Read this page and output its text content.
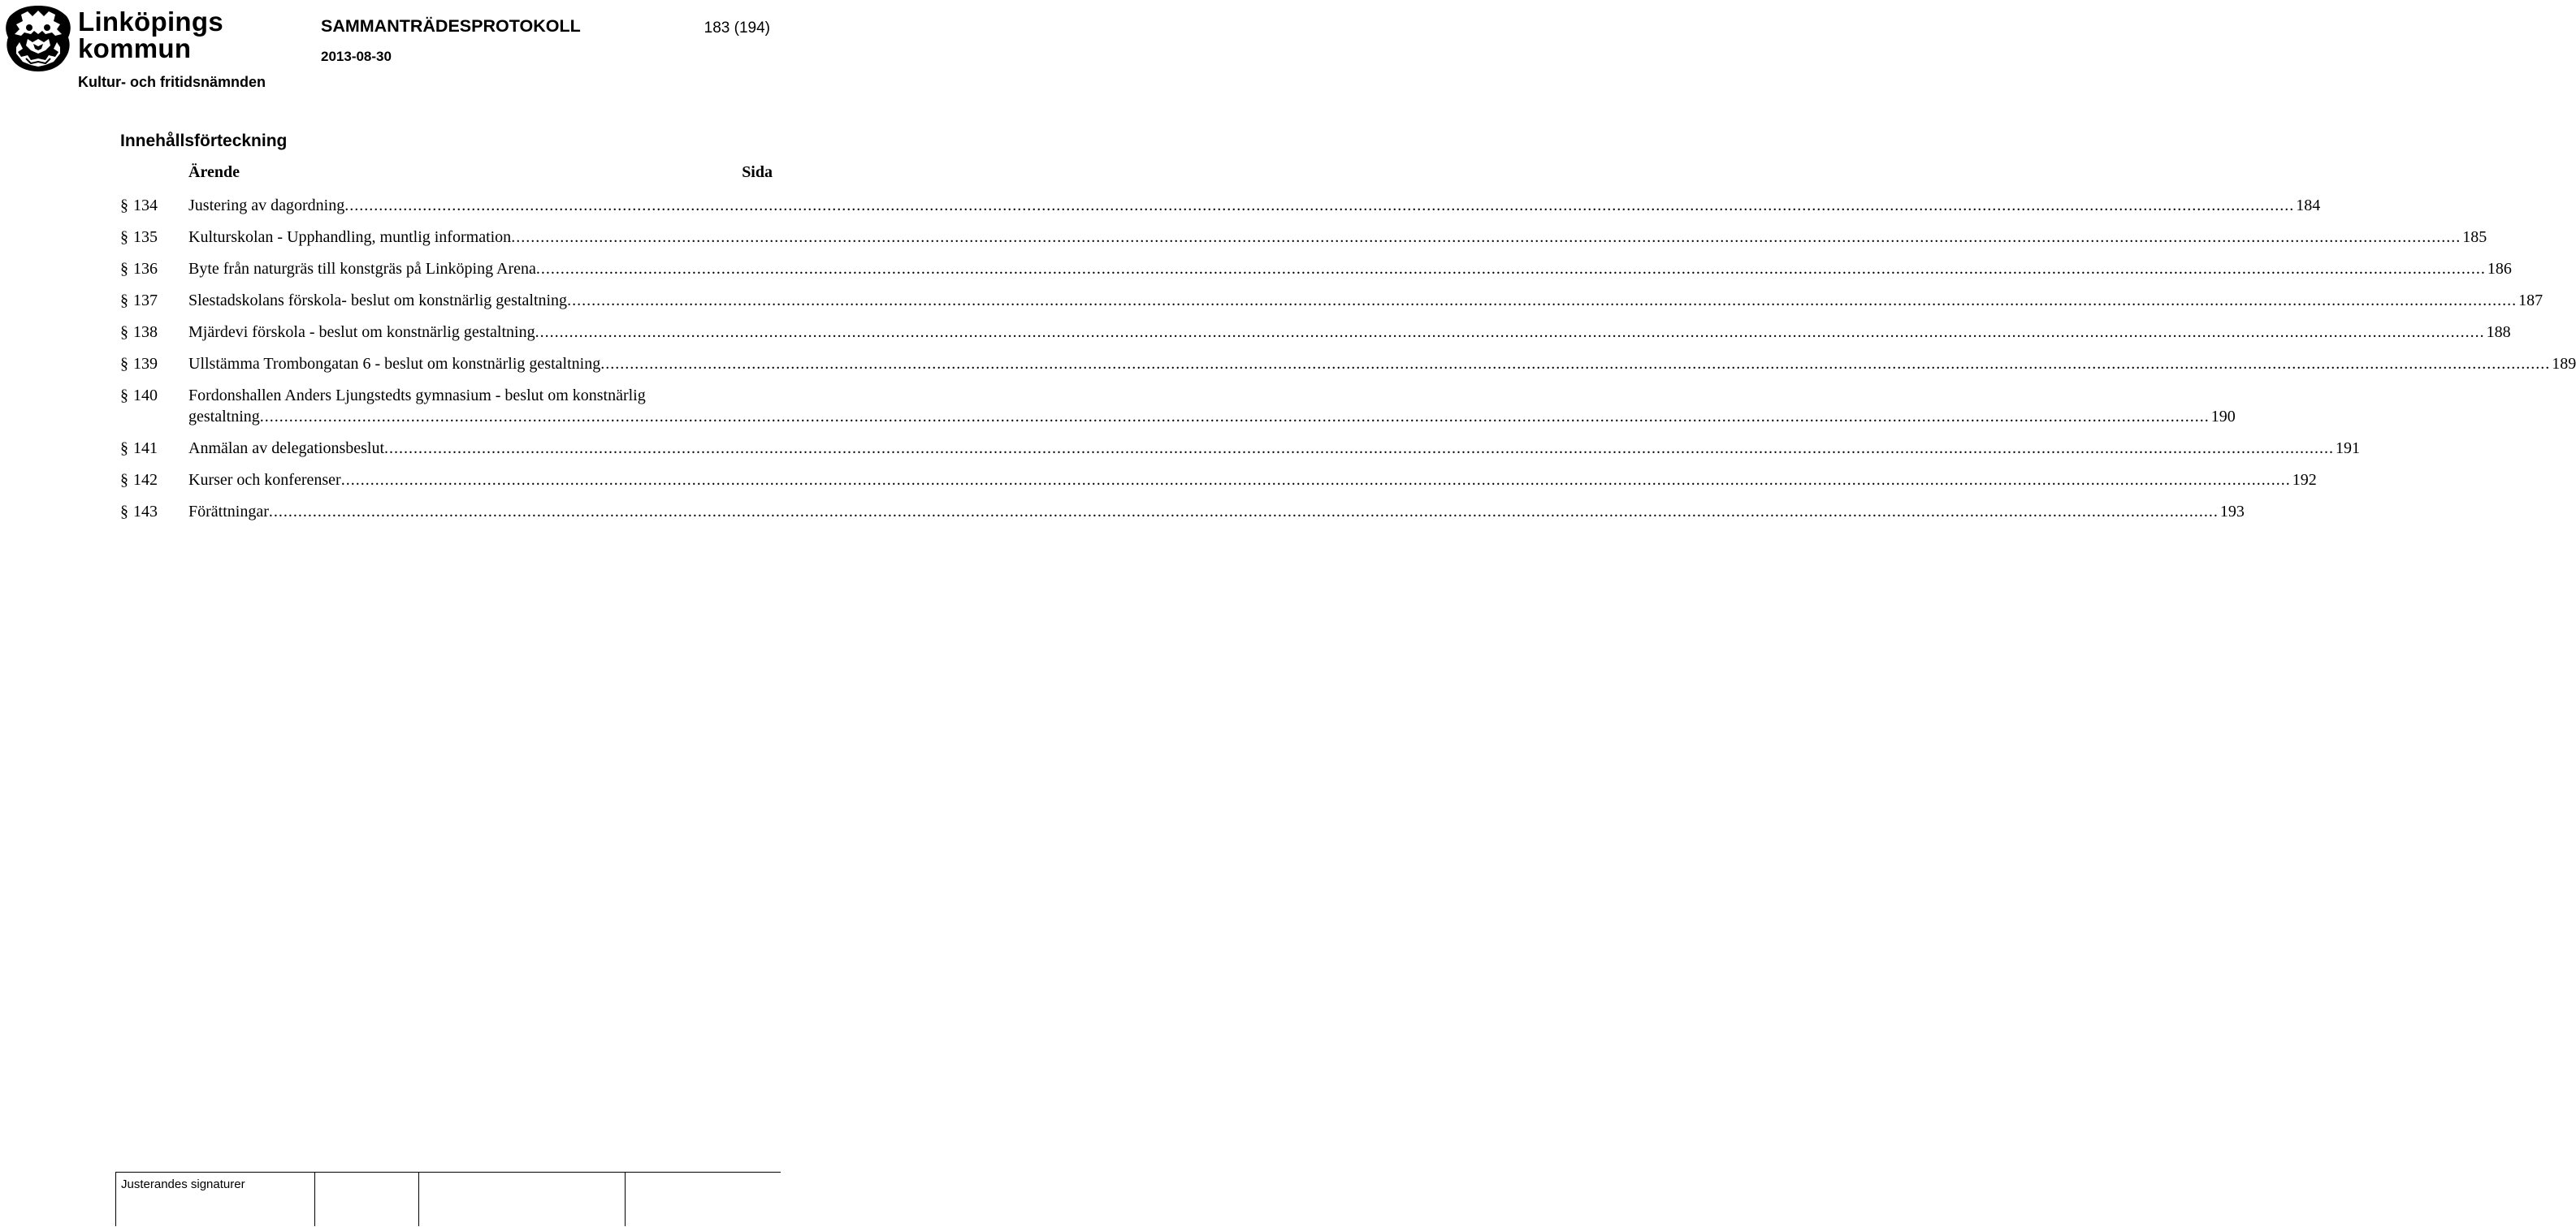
Linköpings
kommun
Kultur- och fritidsnämnden
SAMMANTRÄDESPROTOKOLL	183 (194)
2013-08-30
Innehållsförteckning
Ärende	Sida
§ 134 Justering av dagordning ................................................................................................................................................................................................................................................................................................................................................................................................................ 184
§ 135 Kulturskolan - Upphandling, muntlig information ................................................................................................................................................................................................................................................................................................................................................................................................................ 185
§ 136 Byte från naturgräs till konstgräs på Linköping Arena ................................................................................................................................................................................................................................................................................................................................................................................................................ 186
§ 137 Slestadskolans förskola- beslut om konstnärlig gestaltning ................................................................................................................................................................................................................................................................................................................................................................................................................ 187
§ 138 Mjärdevi förskola - beslut om konstnärlig gestaltning ................................................................................................................................................................................................................................................................................................................................................................................................................ 188
§ 139 Ullstämma Trombongatan 6 - beslut om konstnärlig gestaltning ................................................................................................................................................................................................................................................................................................................................................................................................................ 189
§ 140 Fordonshallen Anders Ljungstedts gymnasium - beslut om konstnärlig
gestaltning ................................................................................................................................................................................................................................................................................................................................................................................................................ 190
§ 141 Anmälan av delegationsbeslut ................................................................................................................................................................................................................................................................................................................................................................................................................ 191
§ 142 Kurser och konferenser ................................................................................................................................................................................................................................................................................................................................................................................................................ 192
§ 143 Förättningar ................................................................................................................................................................................................................................................................................................................................................................................................................ 193
Justerandes signaturer
